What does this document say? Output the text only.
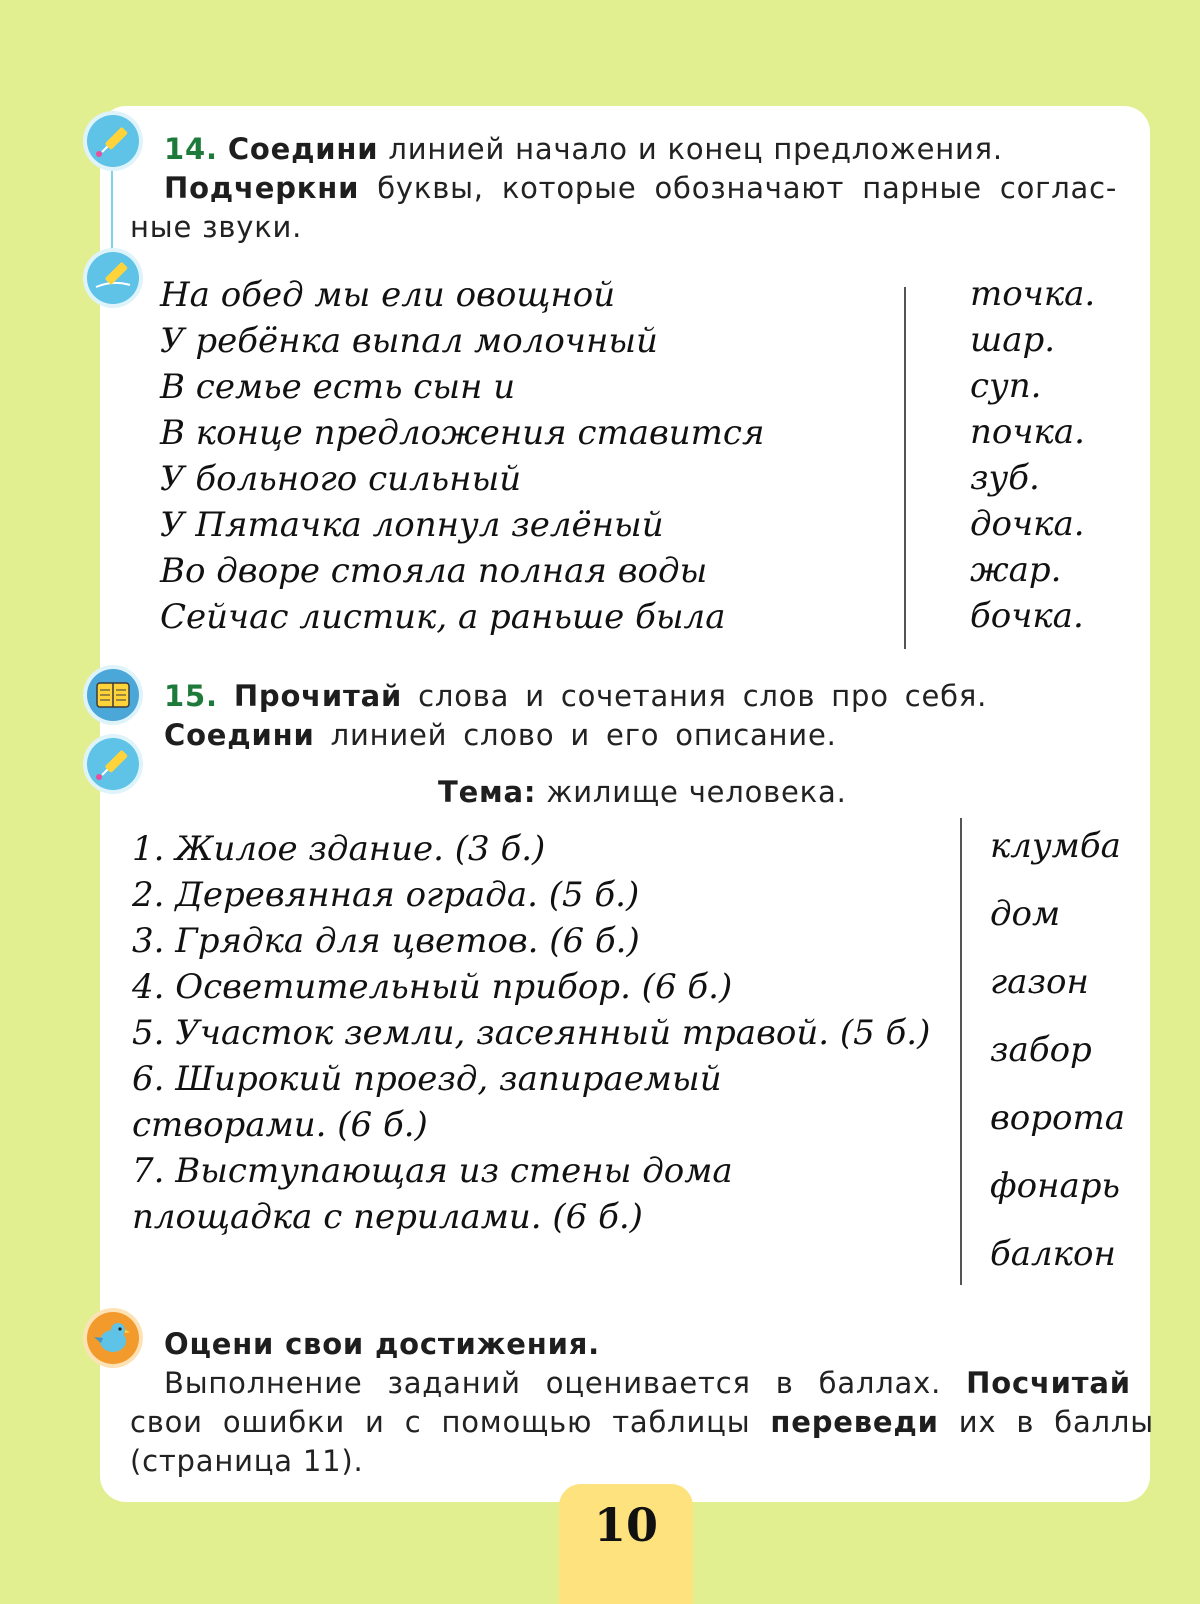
14. Соедини линией начало и конец предложения.
Подчеркни буквы, которые обозначают парные соглас-
ные звуки.
На обед мы ели овощной
У ребёнка выпал молочный
В семье есть сын и
В конце предложения ставится
У больного сильный
У Пятачка лопнул зелёный
Во дворе стояла полная воды
Сейчас листик, а раньше была
точка.
шар.
суп.
почка.
зуб.
дочка.
жар.
бочка.
15. Прочитай слова и сочетания слов про себя.
Соедини линией слово и его описание.
Тема: жилище человека.
1. Жилое здание. (3 б.)
2. Деревянная ограда. (5 б.)
3. Грядка для цветов. (6 б.)
4. Осветительный прибор. (6 б.)
5. Участок земли, засеянный травой. (5 б.)
6. Широкий проезд, запираемый
створами. (6 б.)
7. Выступающая из стены дома
площадка с перилами. (6 б.)
клумба
дом
газон
забор
ворота
фонарь
балкон
Оцени свои достижения.
Выполнение заданий оценивается в баллах. Посчитай
свои ошибки и с помощью таблицы переведи их в баллы
(страница 11).
10
